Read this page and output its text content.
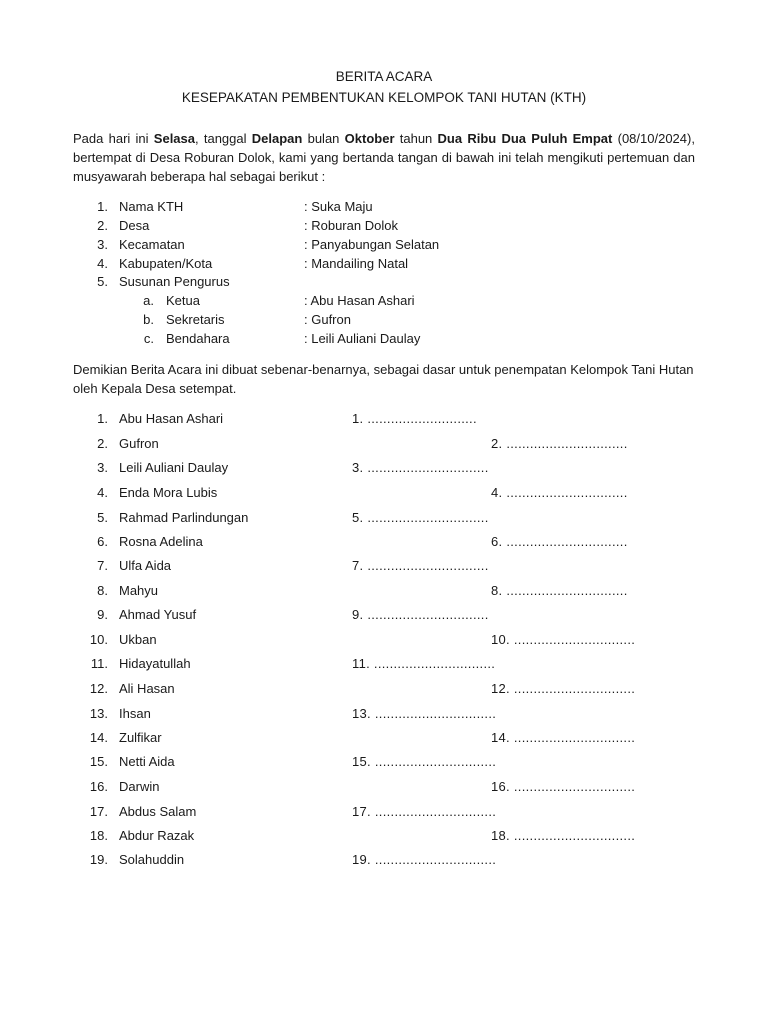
BERITA ACARA
KESEPAKATAN PEMBENTUKAN KELOMPOK TANI HUTAN (KTH)
Pada hari ini Selasa, tanggal Delapan bulan Oktober tahun Dua Ribu Dua Puluh Empat (08/10/2024), bertempat di Desa Roburan Dolok, kami yang bertanda tangan di bawah ini telah mengikuti pertemuan dan musyawarah beberapa hal sebagai berikut :
1. Nama KTH	: Suka Maju
2. Desa	: Roburan Dolok
3. Kecamatan	: Panyabungan Selatan
4. Kabupaten/Kota	: Mandailing Natal
5. Susunan Pengurus
a. Ketua	: Abu Hasan Ashari
b. Sekretaris	: Gufron
c. Bendahara	: Leili Auliani Daulay
Demikian Berita Acara ini dibuat sebenar-benarnya, sebagai dasar untuk penempatan Kelompok Tani Hutan oleh Kepala Desa setempat.
1. Abu Hasan Ashari	1. ............................
2. Gufron	2. ...............................
3. Leili Auliani Daulay	3. ...............................
4. Enda Mora Lubis	4. ...............................
5. Rahmad Parlindungan	5. ...............................
6. Rosna Adelina	6. ...............................
7. Ulfa Aida	7. ...............................
8. Mahyu	8. ...............................
9. Ahmad Yusuf	9. ...............................
10. Ukban	10. ...............................
11. Hidayatullah	11. ...............................
12. Ali Hasan	12. ...............................
13. Ihsan	13. ...............................
14. Zulfikar	14. ...............................
15. Netti Aida	15. ...............................
16. Darwin	16. ...............................
17. Abdus Salam	17. ...............................
18. Abdur Razak	18. ...............................
19. Solahuddin	19. ...............................
